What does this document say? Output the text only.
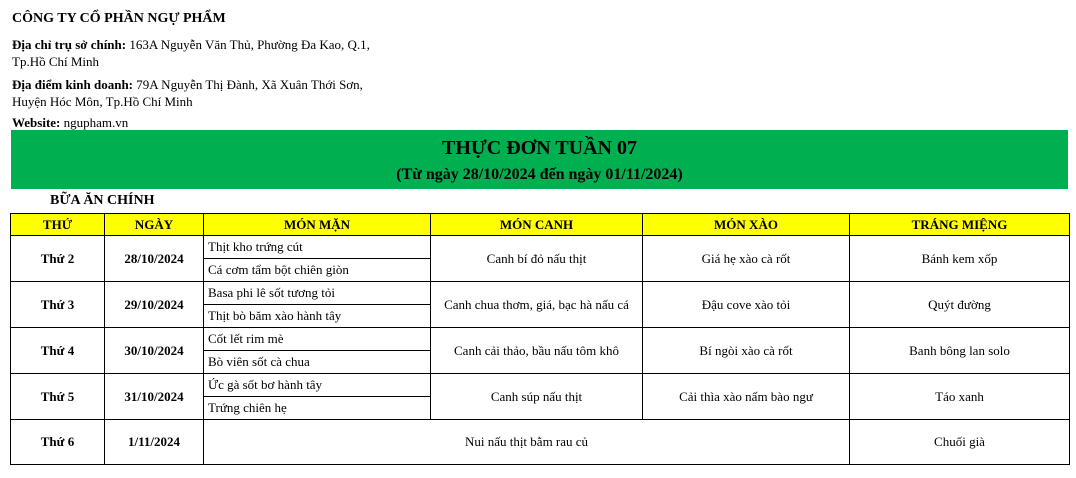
CÔNG TY CỔ PHẦN NGỰ PHẨM
Địa chỉ trụ sở chính: 163A Nguyễn Văn Thủ, Phường Đa Kao, Q.1,
Tp.Hồ Chí Minh
Địa điểm kinh doanh: 79A Nguyễn Thị Đành, Xã Xuân Thới Sơn,
Huyện Hóc Môn, Tp.Hồ Chí Minh
Website: ngupham.vn
THỰC ĐƠN TUẦN 07
(Từ ngày 28/10/2024 đến ngày 01/11/2024)
BỮA ĂN CHÍNH
THỨ	NGÀY	MÓN MẶN	MÓN CANH	MÓN XÀO	TRÁNG MIỆNG
Thứ 2	28/10/2024	Thịt kho trứng cút	Canh bí đỏ nấu thịt	Giá hẹ xào cà rốt	Bánh kem xốp
		Cá cơm tẩm bột chiên giòn			
Thứ 3	29/10/2024	Basa phi lê sốt tương tỏi	Canh chua thơm, giá, bạc hà nấu cá	Đậu cove xào tỏi	Quýt đường
		Thịt bò băm xào hành tây			
Thứ 4	30/10/2024	Cốt lết rim mè	Canh cải thảo, bầu nấu tôm khô	Bí ngòi xào cà rốt	Banh bông lan solo
		Bò viên sốt cà chua			
Thứ 5	31/10/2024	Ức gà sốt bơ hành tây	Canh súp nấu thịt	Cải thìa xào nấm bào ngư	Táo xanh
		Trứng chiên hẹ			
Thứ 6	1/11/2024	Nui nấu thịt bằm rau củ			Chuối già
